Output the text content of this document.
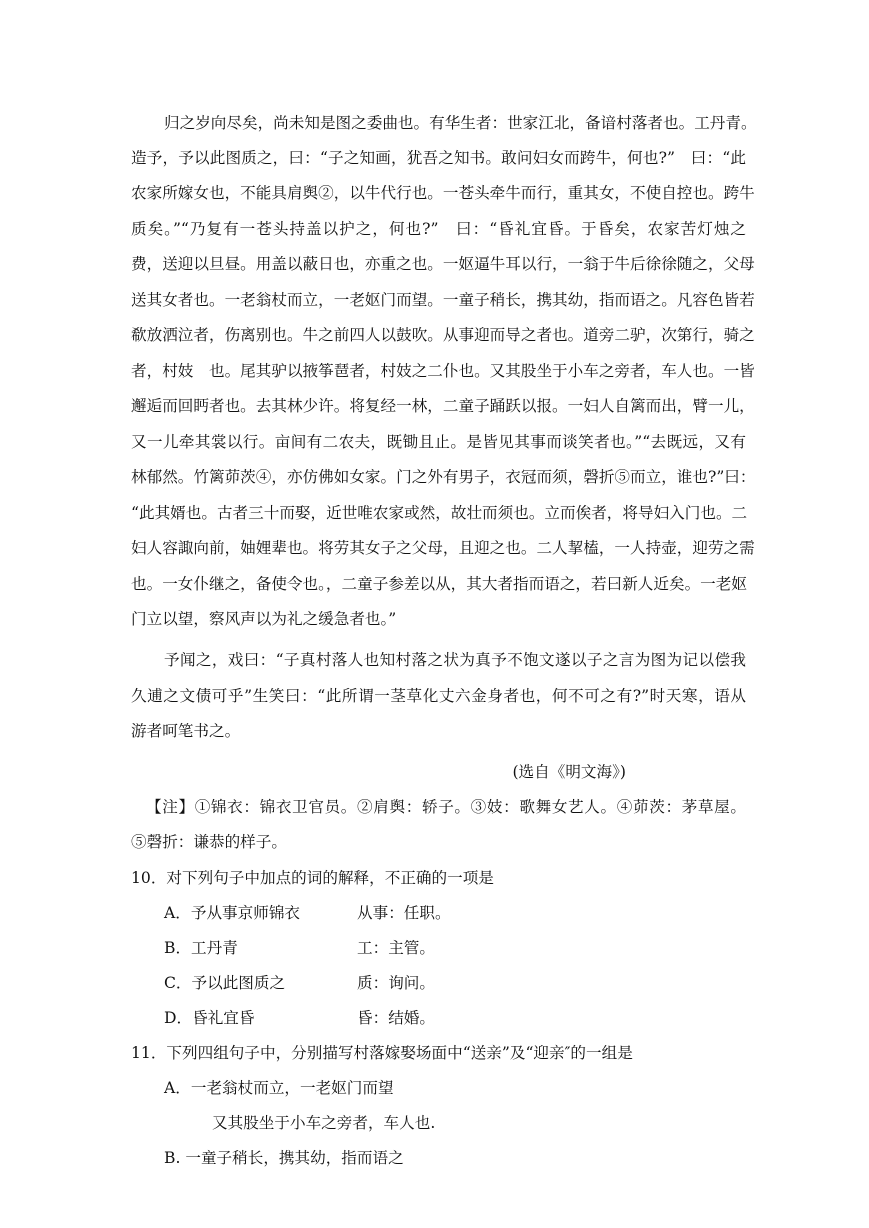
归之岁向尽矣，尚未知是图之委曲也。有华生者：世家江北，备谙村落者也。工丹青。
造予，予以此图质之，曰：“子之知画，犹吾之知书。敢问妇女而跨牛，何也?”　曰：“此
农家所嫁女也，不能具肩舆②，以牛代行也。一苍头牵牛而行，重其女，不使自控也。跨牛
质矣。”“乃复有一苍头持盖以护之，何也?”　曰：“昏礼宜昏。于昏矣，农家苦灯烛之
费，送迎以旦昼。用盖以蔽日也，亦重之也。一妪逼牛耳以行，一翁于牛后徐徐随之，父母
送其女者也。一老翁杖而立，一老妪门而望。一童子稍长，携其幼，指而语之。凡容色皆若
欷放洒泣者，伤离别也。牛之前四人以鼓吹。从事迎而导之者也。道旁二驴，次第行，骑之
者，村妓　也。尾其驴以掖筝琶者，村妓之二仆也。又其股坐于小车之旁者，车人也。一皆
邂逅而回眄者也。去其林少许。将复经一林，二童子踊跃以报。一妇人自篱而出，臂一儿，
又一儿牵其裳以行。亩间有二农夫，既锄且止。是皆见其事而谈笑者也。”“去既远，又有
林郁然。竹篱茆茨④，亦仿佛如女家。门之外有男子，衣冠而须，磬折⑤而立，谁也?”曰：
“此其婿也。古者三十而娶，近世唯农家或然，故壮而须也。立而俟者，将导妇入门也。二
妇人容諏向前，妯娌辈也。将劳其女子之父母，且迎之也。二人挈榼，一人持壶，迎劳之需
也。一女仆继之，备使令也。，二童子参差以从，其大者指而语之，若曰新人近矣。一老妪
门立以望，察风声以为礼之缓急者也。”
予闻之，戏曰：“子真村落人也知村落之状为真予不饱文遂以子之言为图为记以偿我
久逋之文债可乎”生笑曰：“此所谓一茎草化丈六金身者也，何不可之有?”时天寒，语从
游者呵笔书之。
(选自《明文海》)
【注】①锦衣：锦衣卫官员。②肩舆：轿子。③妓：歌舞女艺人。④茆茨：茅草屋。
⑤磬折：谦恭的样子。
10．对下列句子中加点的词的解释，不正确的一项是
A．予从事京师锦衣	从事：任职。
B．工丹青	工：主管。
C．予以此图质之	质：询问。
D．昏礼宜昏	昏：结婚。
11．下列四组句子中，分别描写村落嫁娶场面中“送亲”及“迎亲″的一组是
A．一老翁杖而立，一老妪门而望
又其股坐于小车之旁者，车人也.
B. 一童子稍长，携其幼，指而语之
